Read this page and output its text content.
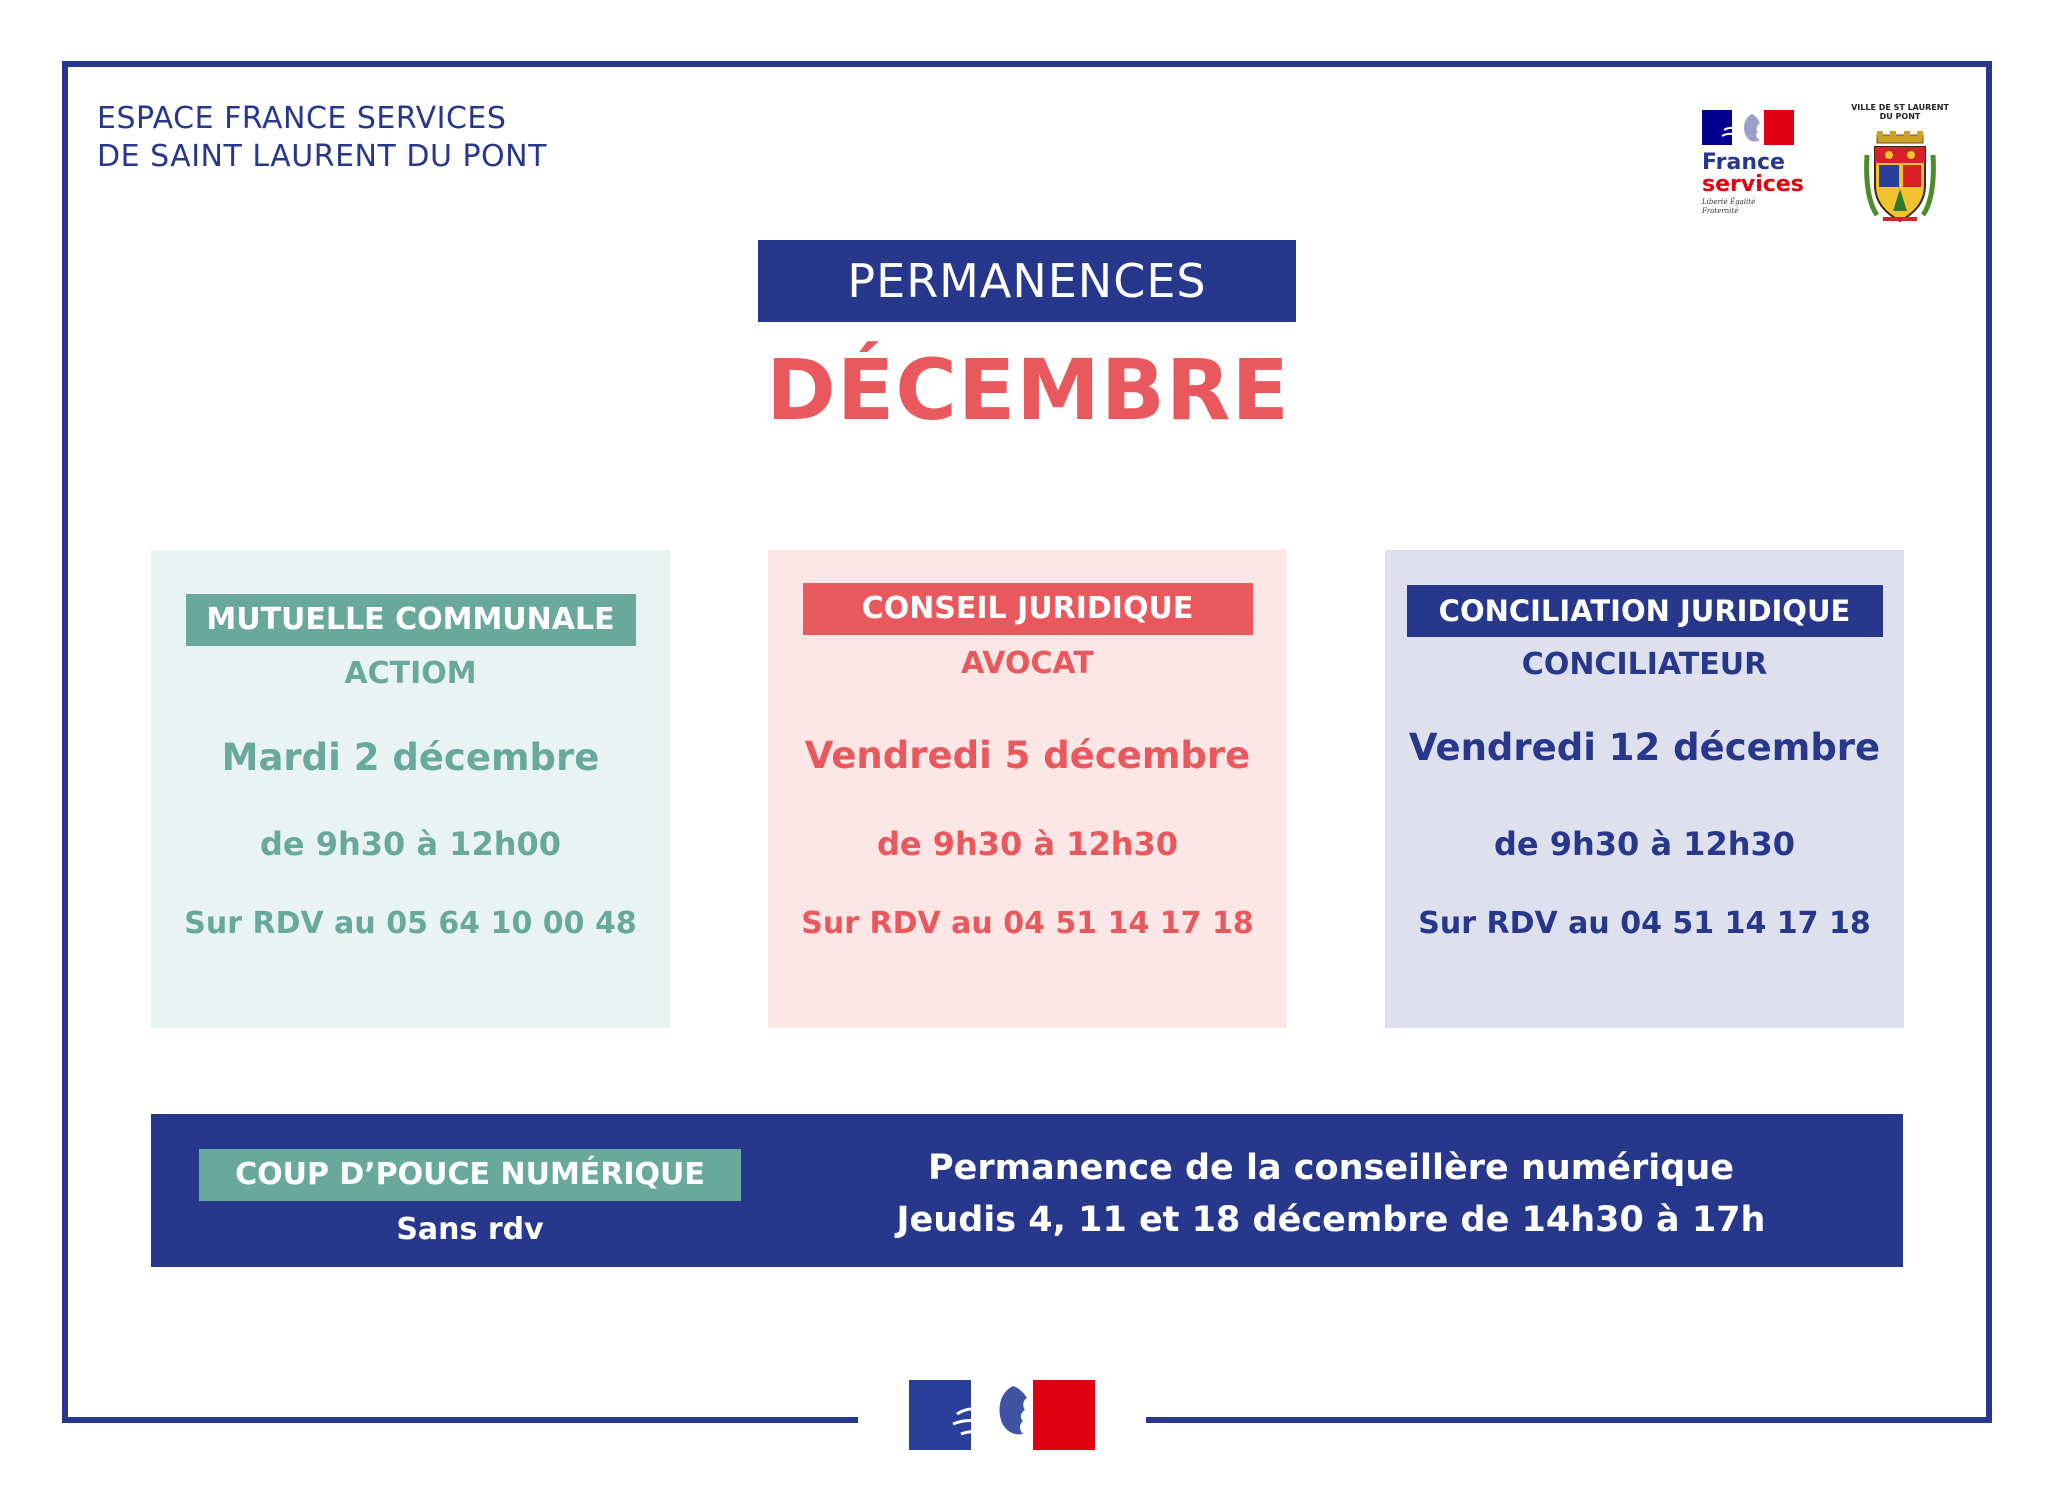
ESPACE FRANCE SERVICES
DE SAINT LAURENT DU PONT	France
services
Liberté Égalité Fraternité
VILLE DE ST LAURENT DU PONT
PERMANENCES
DÉCEMBRE
MUTUELLE COMMUNALE
ACTIOM
Mardi 2 décembre
de 9h30 à 12h00
Sur RDV au 05 64 10 00 48
CONSEIL JURIDIQUE
AVOCAT
Vendredi 5 décembre
de 9h30 à 12h30
Sur RDV au 04 51 14 17 18
CONCILIATION JURIDIQUE
CONCILIATEUR
Vendredi 12 décembre
de 9h30 à 12h30
Sur RDV au 04 51 14 17 18
COUP D’POUCE NUMÉRIQUE
Sans rdv
Permanence de la conseillère numérique
Jeudis 4, 11 et 18 décembre de 14h30 à 17h
